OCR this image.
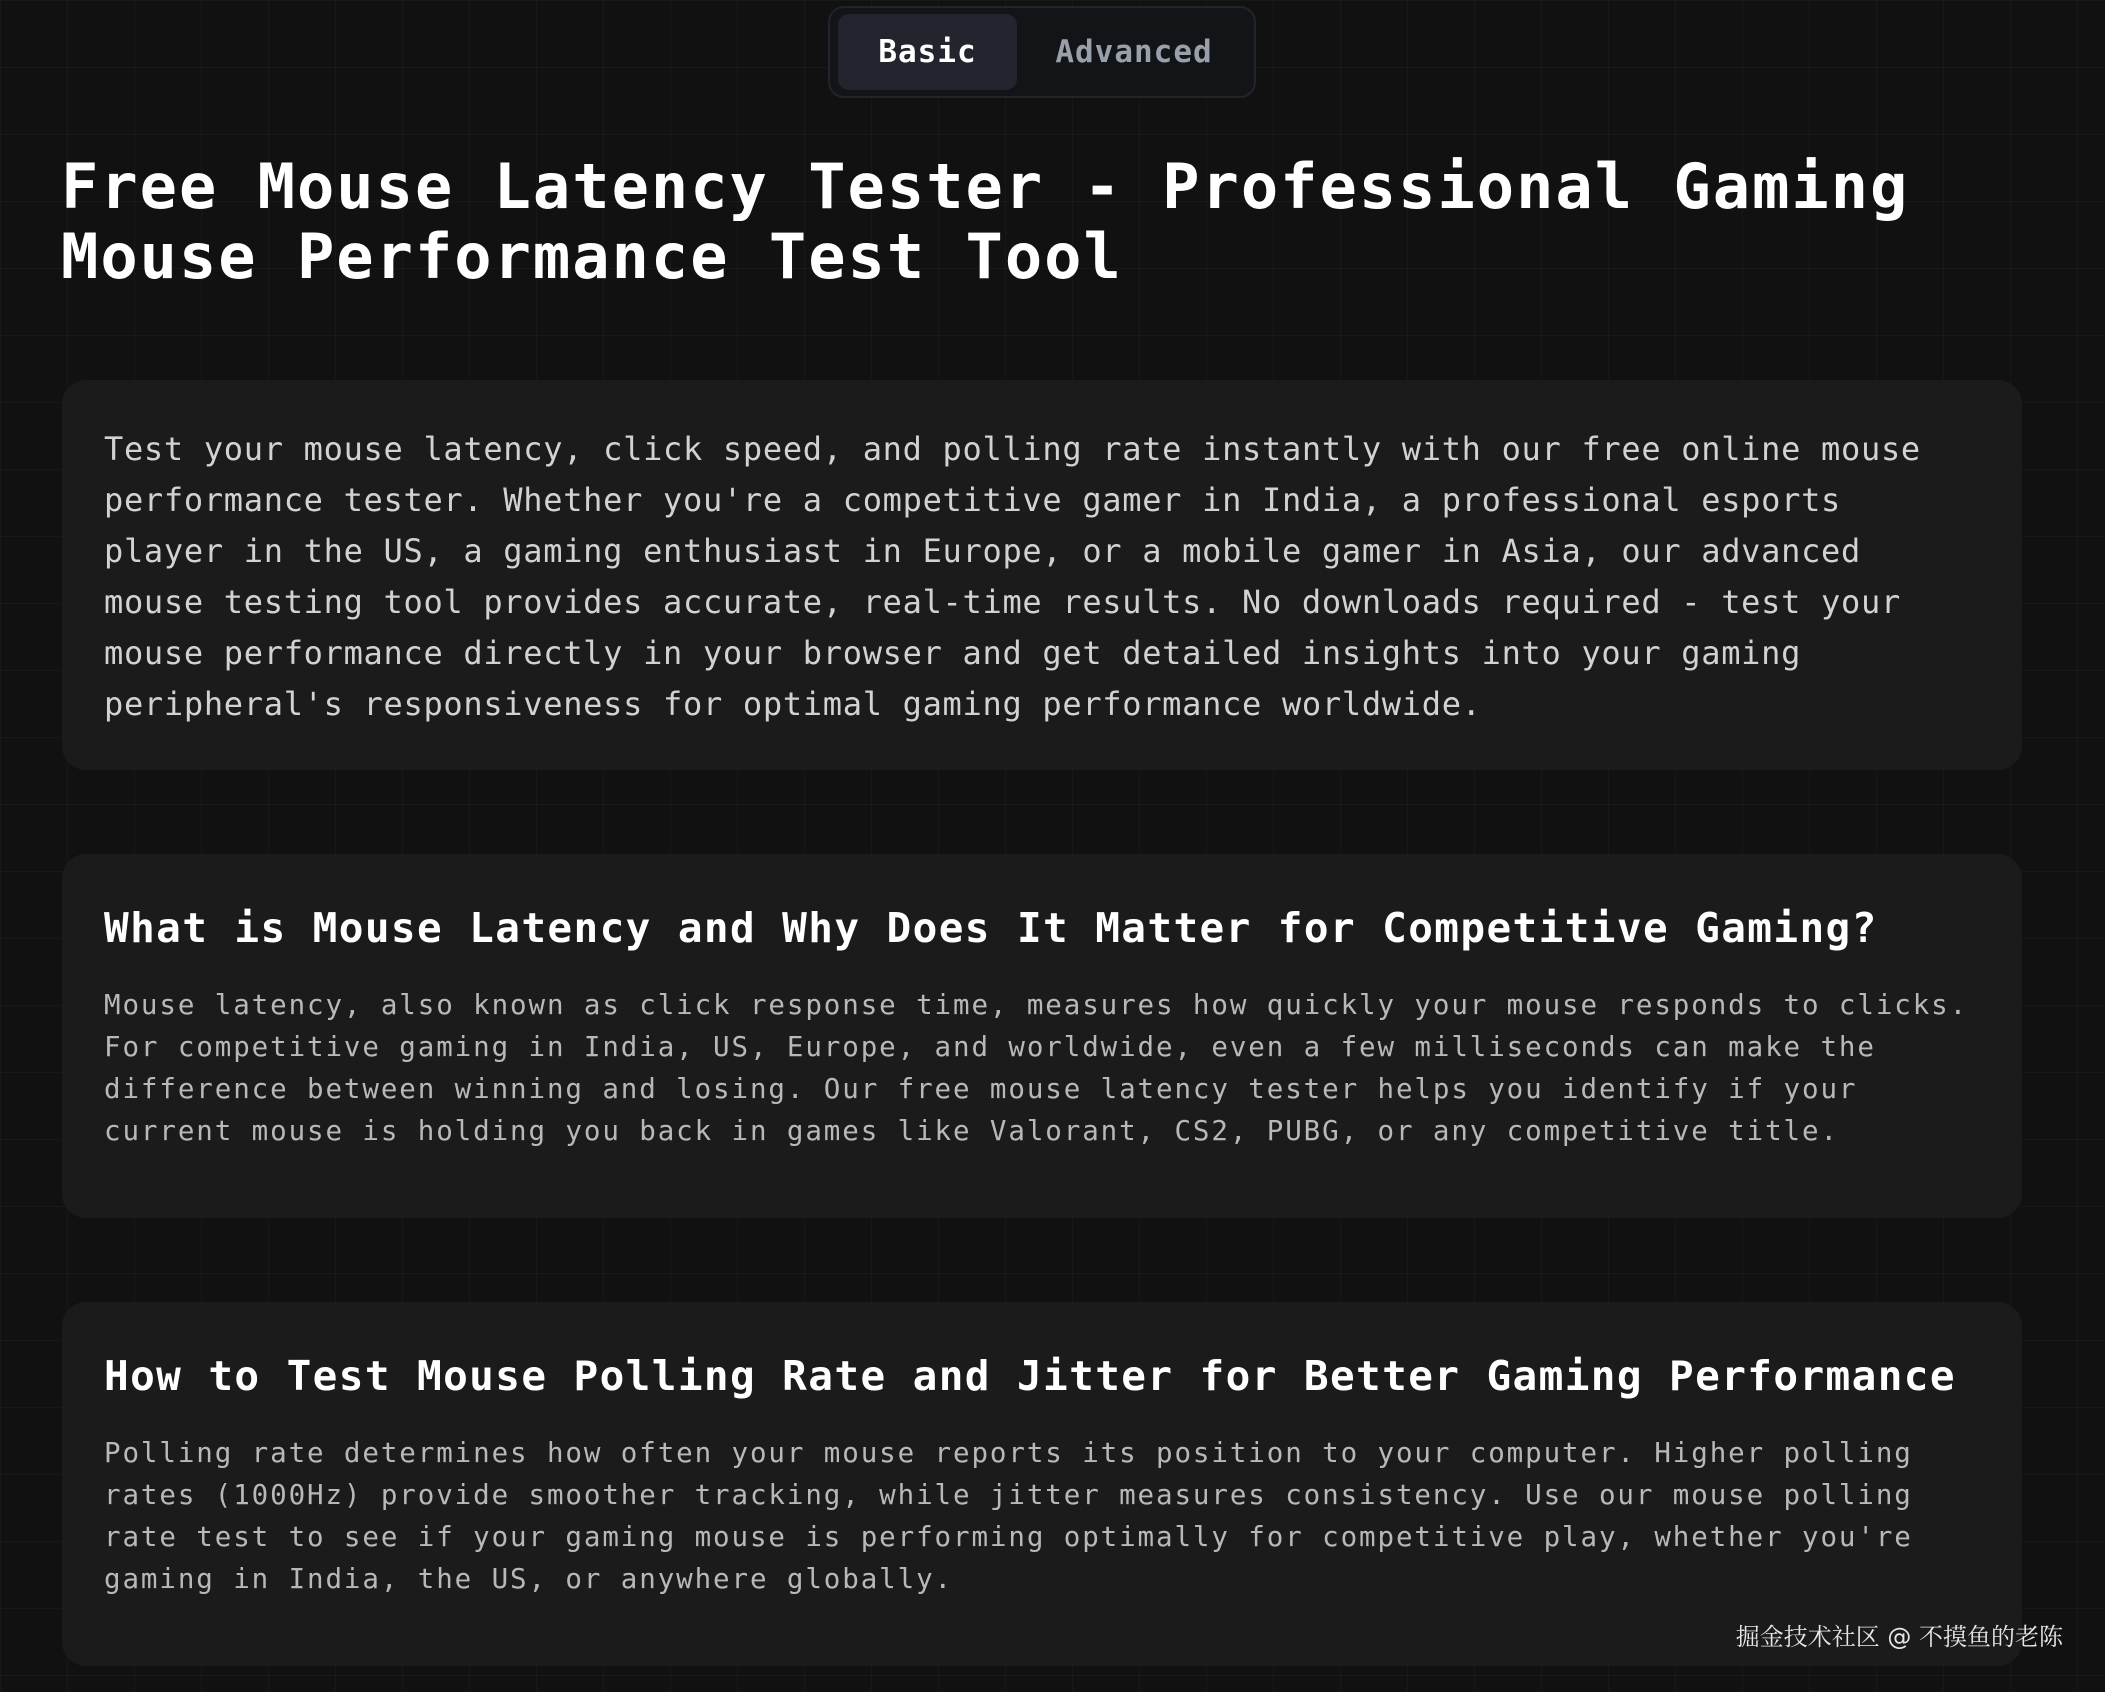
Basic	Advanced
Free Mouse Latency Tester - Professional Gaming Mouse Performance Test Tool

Test your mouse latency, click speed, and polling rate instantly with our free online mouse performance tester. Whether you're a competitive gamer in India, a professional esports player in the US, a gaming enthusiast in Europe, or a mobile gamer in Asia, our advanced mouse testing tool provides accurate, real-time results. No downloads required - test your mouse performance directly in your browser and get detailed insights into your gaming peripheral's responsiveness for optimal gaming performance worldwide.

What is Mouse Latency and Why Does It Matter for Competitive Gaming?

Mouse latency, also known as click response time, measures how quickly your mouse responds to clicks. For competitive gaming in India, US, Europe, and worldwide, even a few milliseconds can make the difference between winning and losing. Our free mouse latency tester helps you identify if your current mouse is holding you back in games like Valorant, CS2, PUBG, or any competitive title.

How to Test Mouse Polling Rate and Jitter for Better Gaming Performance

Polling rate determines how often your mouse reports its position to your computer. Higher polling rates (1000Hz) provide smoother tracking, while jitter measures consistency. Use our mouse polling rate test to see if your gaming mouse is performing optimally for competitive play, whether you're gaming in India, the US, or anywhere globally.

掘金技术社区 @ 不摸鱼的老陈
